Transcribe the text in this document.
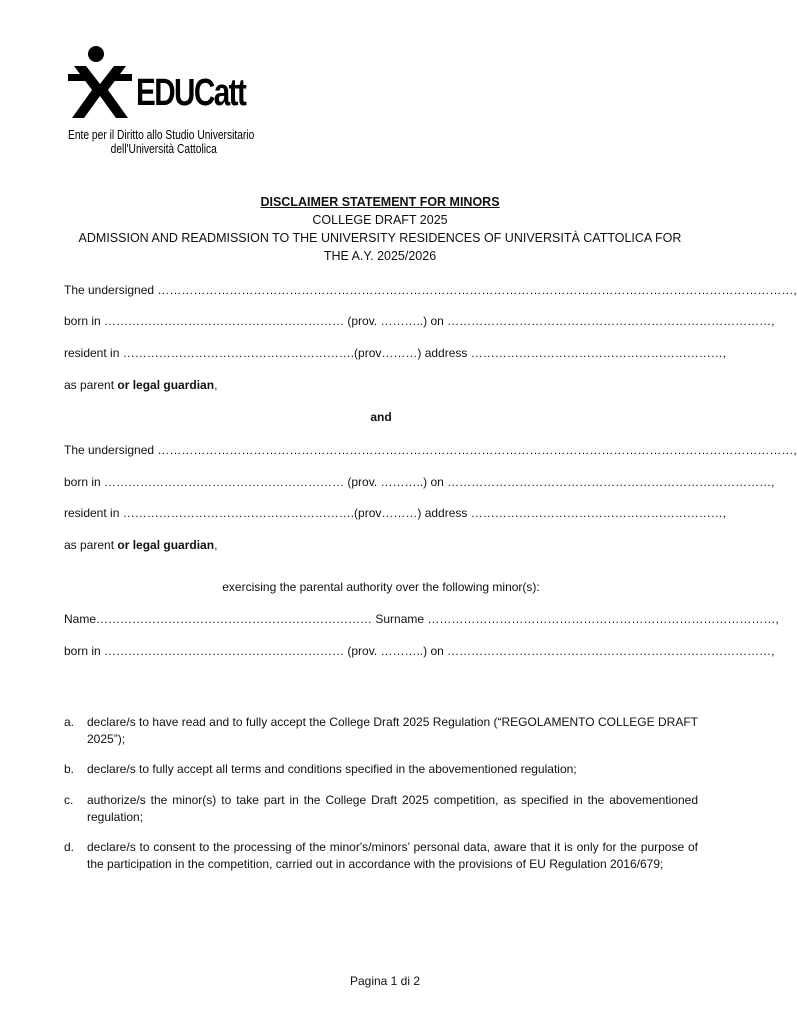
EDUCatt
Ente per il Diritto allo Studio Universitario
dell'Università Cattolica
DISCLAIMER STATEMENT FOR MINORS
COLLEGE DRAFT 2025
ADMISSION AND READMISSION TO THE UNIVERSITY RESIDENCES OF UNIVERSITÀ CATTOLICA FOR
THE A.Y. 2025/2026
The undersigned ……………………………………………………………………………………………………………………………………………,
born in …………………………………………………… (prov. ………..) on ………………………………………………………………………,
resident in ………………………………………………….(prov………) address ………………………………………………………,
as parent or legal guardian,
and
The undersigned ……………………………………………………………………………………………………………………………………………,
born in …………………………………………………… (prov. ………..) on ………………………………………………………………………,
resident in ………………………………………………….(prov………) address ………………………………………………………,
as parent or legal guardian,
exercising the parental authority over the following minor(s):
Name…………………………………………………………… Surname ……………………………………………………………………………,
born in …………………………………………………… (prov. ………..) on ………………………………………………………………………,
a.	declare/s to have read and to fully accept the College Draft 2025 Regulation (“REGOLAMENTO COLLEGE DRAFT 2025”);
b.	declare/s to fully accept all terms and conditions specified in the abovementioned regulation;
c.	authorize/s the minor(s) to take part in the College Draft 2025 competition, as specified in the abovementioned regulation;
d.	declare/s to consent to the processing of the minor's/minors’ personal data, aware that it is only for the purpose of the participation in the competition, carried out in accordance with the provisions of EU Regulation 2016/679;
Pagina 1 di 2
